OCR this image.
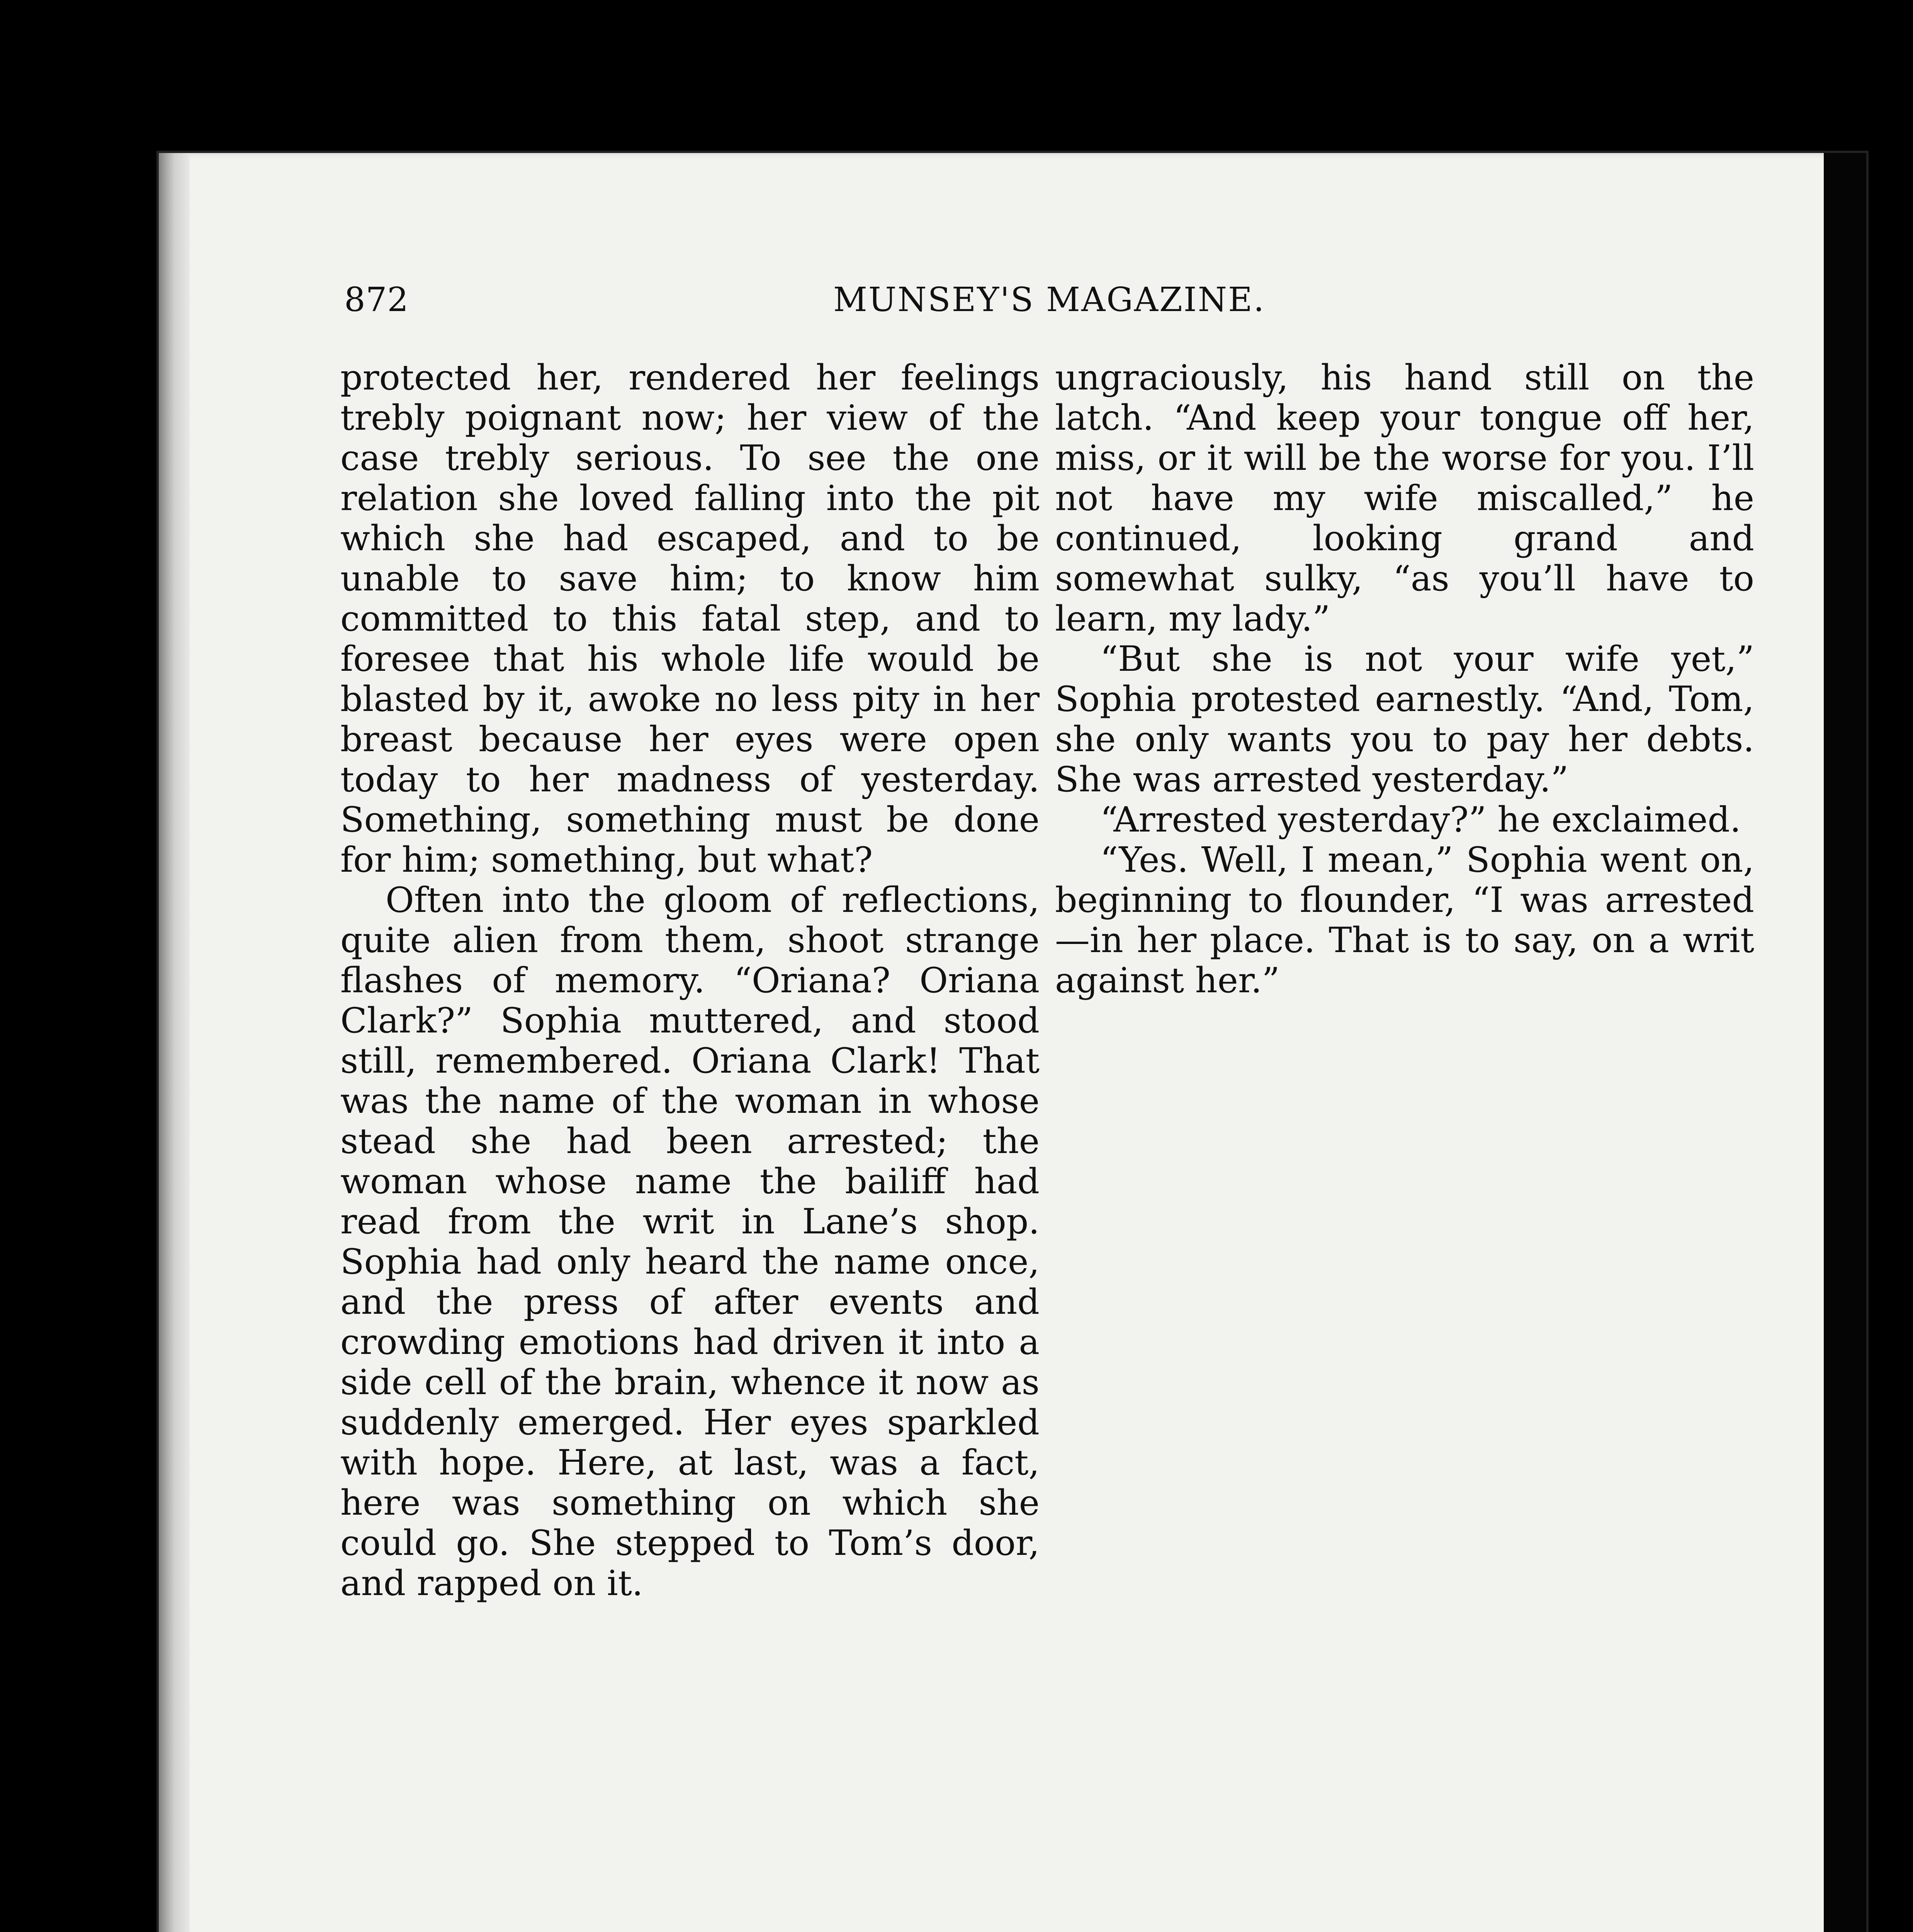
872	MUNSEY'S MAGAZINE.

protected her, rendered her feelings trebly poignant now; her view of the case trebly serious. To see the one relation she loved falling into the pit which she had escaped, and to be unable to save him; to know him committed to this fatal step, and to foresee that his whole life would be blasted by it, awoke no less pity in her breast because her eyes were open today to her madness of yesterday. Something, something must be done for him; something, but what?

Often into the gloom of reflections, quite alien from them, shoot strange flashes of memory. “Oriana? Oriana Clark?” Sophia muttered, and stood still, remembered. Oriana Clark! That was the name of the woman in whose stead she had been arrested; the woman whose name the bailiff had read from the writ in Lane’s shop. Sophia had only heard the name once, and the press of after events and crowding emotions had driven it into a side cell of the brain, whence it now as suddenly emerged. Her eyes sparkled with hope. Here, at last, was a fact, here was something on which she could go. She stepped to Tom’s door, and rapped on it.

ungraciously, his hand still on the latch. “And keep your tongue off her, miss, or it will be the worse for you. I’ll not have my wife miscalled,” he continued, looking grand and somewhat sulky, “as you’ll have to learn, my lady.”

“But she is not your wife yet,” Sophia protested earnestly. “And, Tom, she only wants you to pay her debts. She was arrested yesterday.”

“Arrested yesterday?” he exclaimed.

“Yes. Well, I mean,” Sophia went on, beginning to flounder, “I was arrested —in her place. That is to say, on a writ against her.”
